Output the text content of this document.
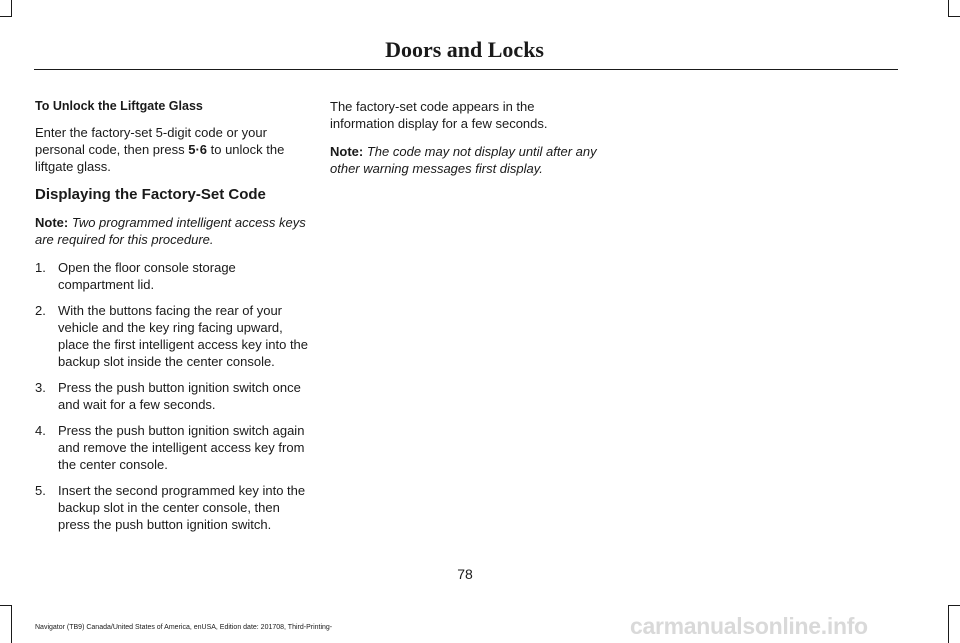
Doors and Locks
To Unlock the Liftgate Glass

Enter the factory-set 5-digit code or your personal code, then press 5·6 to unlock the liftgate glass.

Displaying the Factory-Set Code

Note: Two programmed intelligent access keys are required for this procedure.

1. Open the floor console storage compartment lid.
2. With the buttons facing the rear of your vehicle and the key ring facing upward, place the first intelligent access key into the backup slot inside the center console.
3. Press the push button ignition switch once and wait for a few seconds.
4. Press the push button ignition switch again and remove the intelligent access key from the center console.
5. Insert the second programmed key into the backup slot in the center console, then press the push button ignition switch.

The factory-set code appears in the information display for a few seconds.

Note: The code may not display until after any other warning messages first display.

78
Navigator (TB9) Canada/United States of America, enUSA, Edition date: 201708, Third-Printing-	carmanualsonline.info
